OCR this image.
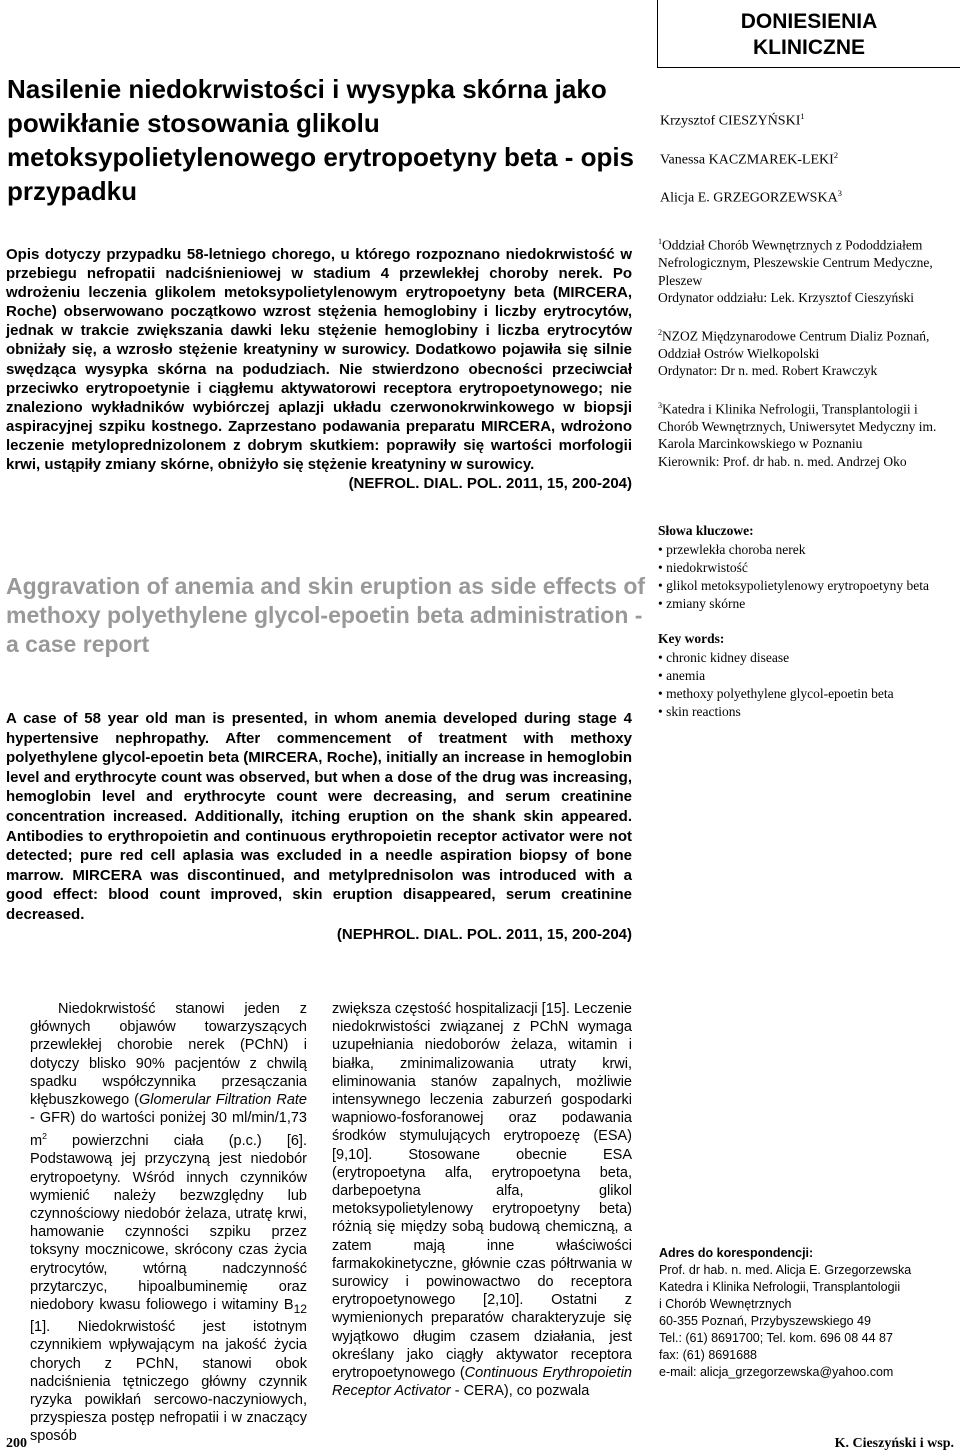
DONIESIENIA
KLINICZNE
Nasilenie niedokrwistości i wysypka skórna jako powikłanie stosowania glikolu metoksypolietylenowego erytropoetyny beta - opis przypadku
Krzysztof CIESZYŃSKI$^1$
Vanessa KACZMAREK-LEKI$^2$
Alicja E. GRZEGORZEWSKA$^3$
Opis dotyczy przypadku 58-letniego chorego, u którego rozpoznano niedokrwistość w przebiegu nefropatii nadciśnieniowej w stadium 4 przewlekłej choroby nerek. Po wdrożeniu leczenia glikolem metoksypolietylenowym erytropoetyny beta (MIRCERA, Roche) obserwowano początkowo wzrost stężenia hemoglobiny i liczby erytrocytów, jednak w trakcie zwiększania dawki leku stężenie hemoglobiny i liczba erytrocytów obniżały się, a wzrosło stężenie kreatyniny w surowicy. Dodatkowo pojawiła się silnie swędząca wysypka skórna na podudziach. Nie stwierdzono obecności przeciwciał przeciwko erytropoetynie i ciągłemu aktywatorowi receptora erytropoetynowego; nie znaleziono wykładników wybiórczej aplazji układu czerwonokrwinkowego w biopsji aspiracyjnej szpiku kostnego. Zaprzestano podawania preparatu MIRCERA, wdrożono leczenie metyloprednizolonem z dobrym skutkiem: poprawiły się wartości morfologii krwi, ustąpiły zmiany skórne, obniżyło się stężenie kreatyniny w surowicy.
(NEFROL. DIAL. POL. 2011, 15, 200-204)
$^1$Oddział Chorób Wewnętrznych z Pododdziałem Nefrologicznym, Pleszewskie Centrum Medyczne, Pleszew
Ordynator oddziału: Lek. Krzysztof Cieszyński
$^2$NZOZ Międzynarodowe Centrum Dializ Poznań, Oddział Ostrów Wielkopolski
Ordynator: Dr n. med. Robert Krawczyk
$^3$Katedra i Klinika Nefrologii, Transplantologii i Chorób Wewnętrznych, Uniwersytet Medyczny im. Karola Marcinkowskiego w Poznaniu
Kierownik: Prof. dr hab. n. med. Andrzej Oko
Słowa kluczowe:
• przewlekła choroba nerek
• niedokrwistość
• glikol metoksypolietylenowy erytropoetyny beta
• zmiany skórne
Key words:
• chronic kidney disease
• anemia
• methoxy polyethylene glycol-epoetin beta
• skin reactions
Aggravation of anemia and skin eruption as side effects of methoxy polyethylene glycol-epoetin beta administration - a case report
A case of 58 year old man is presented, in whom anemia developed during stage 4 hypertensive nephropathy. After commencement of treatment with methoxy polyethylene glycol-epoetin beta (MIRCERA, Roche), initially an increase in hemoglobin level and erythrocyte count was observed, but when a dose of the drug was increasing, hemoglobin level and erythrocyte count were decreasing, and serum creatinine concentration increased. Additionally, itching eruption on the shank skin appeared. Antibodies to erythropoietin and continuous erythropoietin receptor activator were not detected; pure red cell aplasia was excluded in a needle aspiration biopsy of bone marrow. MIRCERA was discontinued, and metylprednisolon was introduced with a good effect: blood count improved, skin eruption disappeared, serum creatinine decreased.
(NEPHROL. DIAL. POL. 2011, 15, 200-204)

Niedokrwistość stanowi jeden z głównych objawów towarzyszących przewlekłej chorobie nerek (PChN) i dotyczy blisko 90% pacjentów z chwilą spadku współczynnika przesączania kłębuszkowego (Glomerular Filtration Rate - GFR) do wartości poniżej 30 ml/min/1,73 $m^2$ powierzchni ciała (p.c.) [6]. Podstawową jej przyczyną jest niedobór erytropoetyny. Wśród innych czynników wymienić należy bezwzględny lub czynnościowy niedobór żelaza, utratę krwi, hamowanie czynności szpiku przez toksyny mocznicowe, skrócony czas życia erytrocytów, wtórną nadczynność przytarczyc, hipoalbuminemię oraz niedobory kwasu foliowego i witaminy $B_{12}$ [1]. Niedokrwistość jest istotnym czynnikiem wpływającym na jakość życia chorych z PChN, stanowi obok nadciśnienia tętniczego główny czynnik ryzyka powikłań sercowo-naczyniowych, przyspiesza postęp nefropatii i w znaczący sposób

zwiększa częstość hospitalizacji [15]. Leczenie niedokrwistości związanej z PChN wymaga uzupełniania niedoborów żelaza, witamin i białka, zminimalizowania utraty krwi, eliminowania stanów zapalnych, możliwie intensywnego leczenia zaburzeń gospodarki wapniowo-fosforanowej oraz podawania środków stymulujących erytropoezę (ESA) [9,10]. Stosowane obecnie ESA (erytropoetyna alfa, erytropoetyna beta, darbepoetyna alfa, glikol metoksypolietylenowy erytropoetyny beta) różnią się między sobą budową chemiczną, a zatem mają inne właściwości farmakokinetyczne, głównie czas półtrwania w surowicy i powinowactwo do receptora erytropoetynowego [2,10]. Ostatni z wymienionych preparatów charakteryzuje się wyjątkowo długim czasem działania, jest określany jako ciągły aktywator receptora erytropoetynowego (Continuous Erythropoietin Receptor Activator - CERA), co pozwala

Adres do korespondencji:
Prof. dr hab. n. med. Alicja E. Grzegorzewska
Katedra i Klinika Nefrologii, Transplantologii
i Chorób Wewnętrznych
60-355 Poznań, Przybyszewskiego 49
Tel.: (61) 8691700; Tel. kom. 696 08 44 87
fax: (61) 8691688
e-mail: alicja_grzegorzewska@yahoo.com
200	K. Cieszyński i wsp.
